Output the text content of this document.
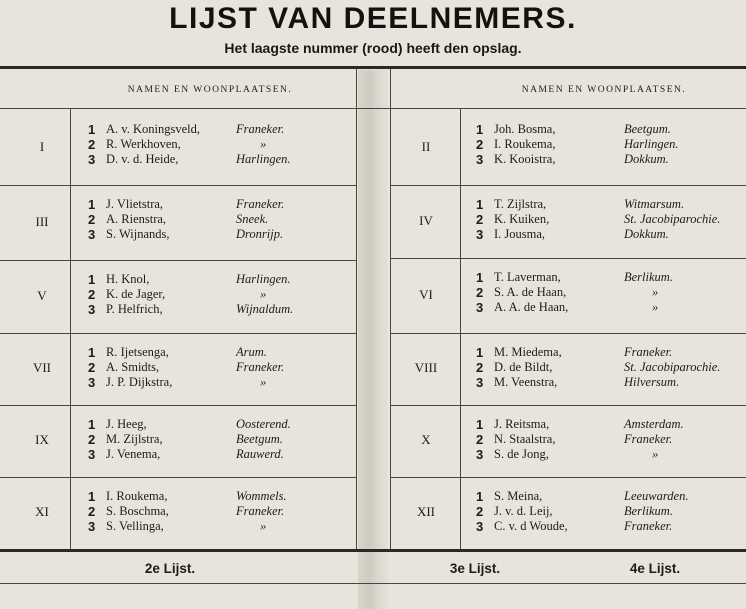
LIJST VAN DEELNEMERS.
Het laagste nummer (rood) heeft den opslag.
NAMEN EN WOONPLAATSEN.	NAMEN EN WOONPLAATSEN.
I
1 A. v. Koningsveld,	Franeker.
2 R. Werkhoven,	»
3 D. v. d. Heide,	Harlingen.
II
1 Joh. Bosma,	Beetgum.
2 I. Roukema,	Harlingen.
3 K. Kooistra,	Dokkum.
III
1 J. Vlietstra,	Franeker.
2 A. Rienstra,	Sneek.
3 S. Wijnands,	Dronrijp.
IV
1 T. Zijlstra,	Witmarsum.
2 K. Kuiken,	St. Jacobiparochie.
3 I. Jousma,	Dokkum.
V
1 H. Knol,	Harlingen.
2 K. de Jager,	»
3 P. Helfrich,	Wijnaldum.
VI
1 T. Laverman,	Berlikum.
2 S. A. de Haan,	»
3 A. A. de Haan,	»
VII
1 R. Ijetsenga,	Arum.
2 A. Smidts,	Franeker.
3 J. P. Dijkstra,	»
VIII
1 M. Miedema,	Franeker.
2 D. de Bildt,	St. Jacobiparochie.
3 M. Veenstra,	Hilversum.
IX
1 J. Heeg,	Oosterend.
2 M. Zijlstra,	Beetgum.
3 J. Venema,	Rauwerd.
X
1 J. Reitsma,	Amsterdam.
2 N. Staalstra,	Franeker.
3 S. de Jong,	»
XI
1 I. Roukema,	Wommels.
2 S. Boschma,	Franeker.
3 S. Vellinga,	»
XII
1 S. Meina,	Leeuwarden.
2 J. v. d. Leij,	Berlikum.
3 C. v. d Woude,	Franeker.
2e Lijst.	3e Lijst.	4e Lijst.
